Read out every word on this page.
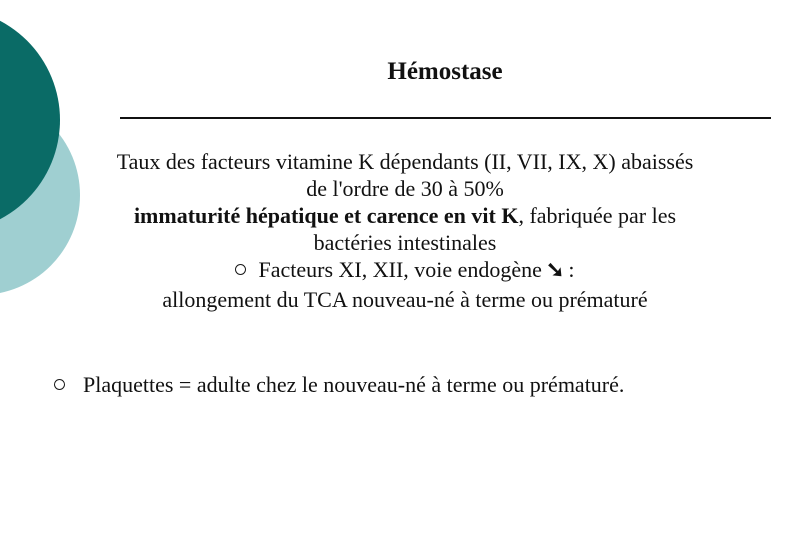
Hémostase
Taux des facteurs vitamine K dépendants (II, VII, IX, X) abaissés
de l'ordre de 30 à 50%
immaturité hépatique et carence en vit K, fabriquée par les
bactéries intestinales
Facteurs XI, XII, voie endogène ➘ :
allongement du TCA nouveau-né à terme ou prématuré
Plaquettes = adulte chez le nouveau-né à terme ou prématuré.
